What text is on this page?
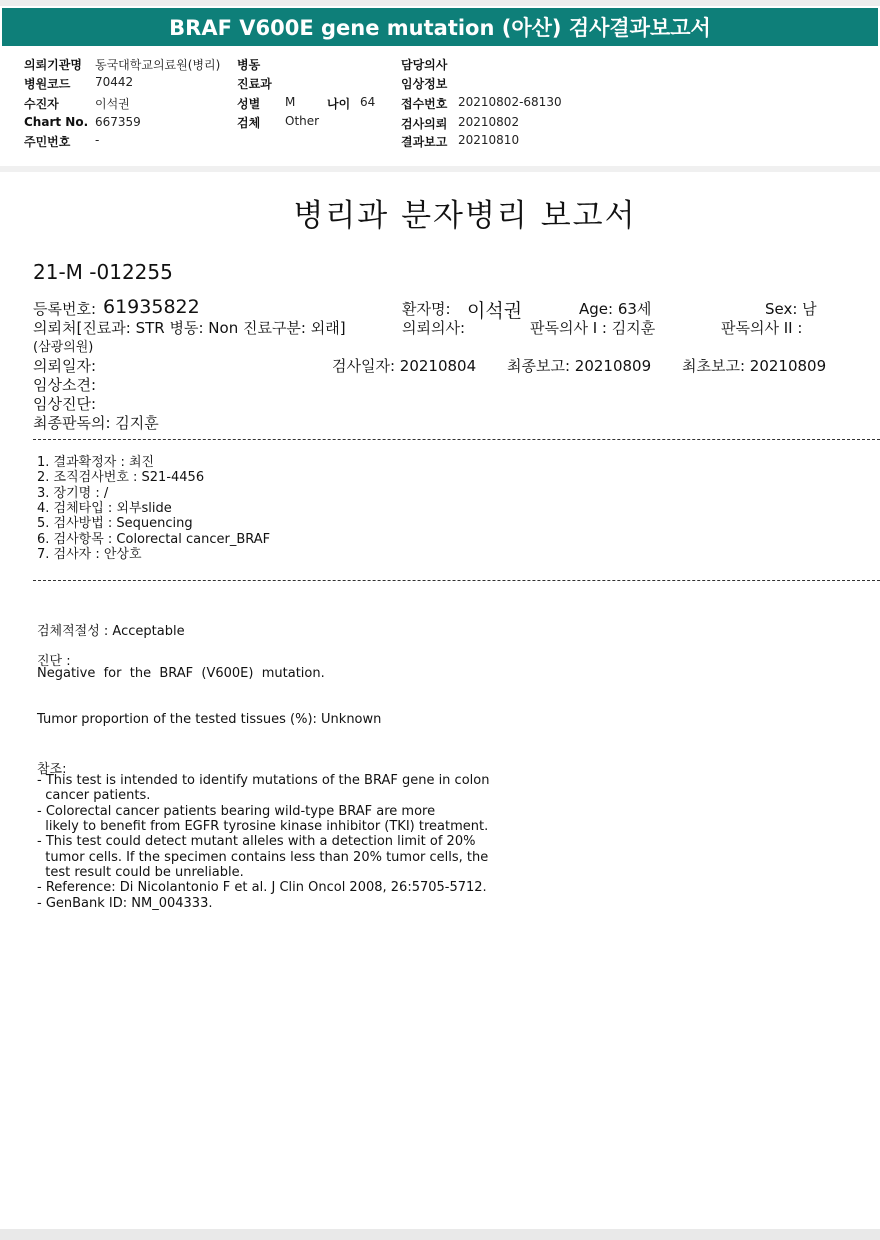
BRAF V600E gene mutation (아산) 검사결과보고서
의뢰기관명 동국대학교의료원(병리)
병원코드 70442
수진자	이석권
Chart No. 667359
주민번호 -
병동
진료과
성별 M	나이 64
검체 Other
담당의사
임상정보
접수번호 20210802-68130
검사의뢰 20210802
결과보고 20210810
병리과 분자병리 보고서
21-M -012255
등록번호: 61935822	환자명: 이석권	Age: 63세	Sex: 남
의뢰처[진료과: STR 병동: Non 진료구분: 외래]	의뢰의사:	판독의사 I : 김지훈	판독의사 II :
(삼광의원)
의뢰일자:	검사일자: 20210804 최종보고: 20210809 최초보고: 20210809
임상소견:
임상진단:
최종판독의: 김지훈
1. 결과확정자 : 최진
2. 조직검사번호 : S21-4456
3. 장기명 : /
4. 검체타입 : 외부slide
5. 검사방법 : Sequencing
6. 검사항목 : Colorectal cancer_BRAF
7. 검사자 : 안상호
검체적절성 : Acceptable
진단 :
Negative  for  the  BRAF  (V600E)  mutation.
Tumor proportion of the tested tissues (%): Unknown
참조:
- This test is intended to identify mutations of the BRAF gene in colon
cancer patients.
- Colorectal cancer patients bearing wild-type BRAF are more
likely to benefit from EGFR tyrosine kinase inhibitor (TKI) treatment.
- This test could detect mutant alleles with a detection limit of 20%
tumor cells. If the specimen contains less than 20% tumor cells, the
test result could be unreliable.
- Reference: Di Nicolantonio F et al. J Clin Oncol 2008, 26:5705-5712.
- GenBank ID: NM_004333.
